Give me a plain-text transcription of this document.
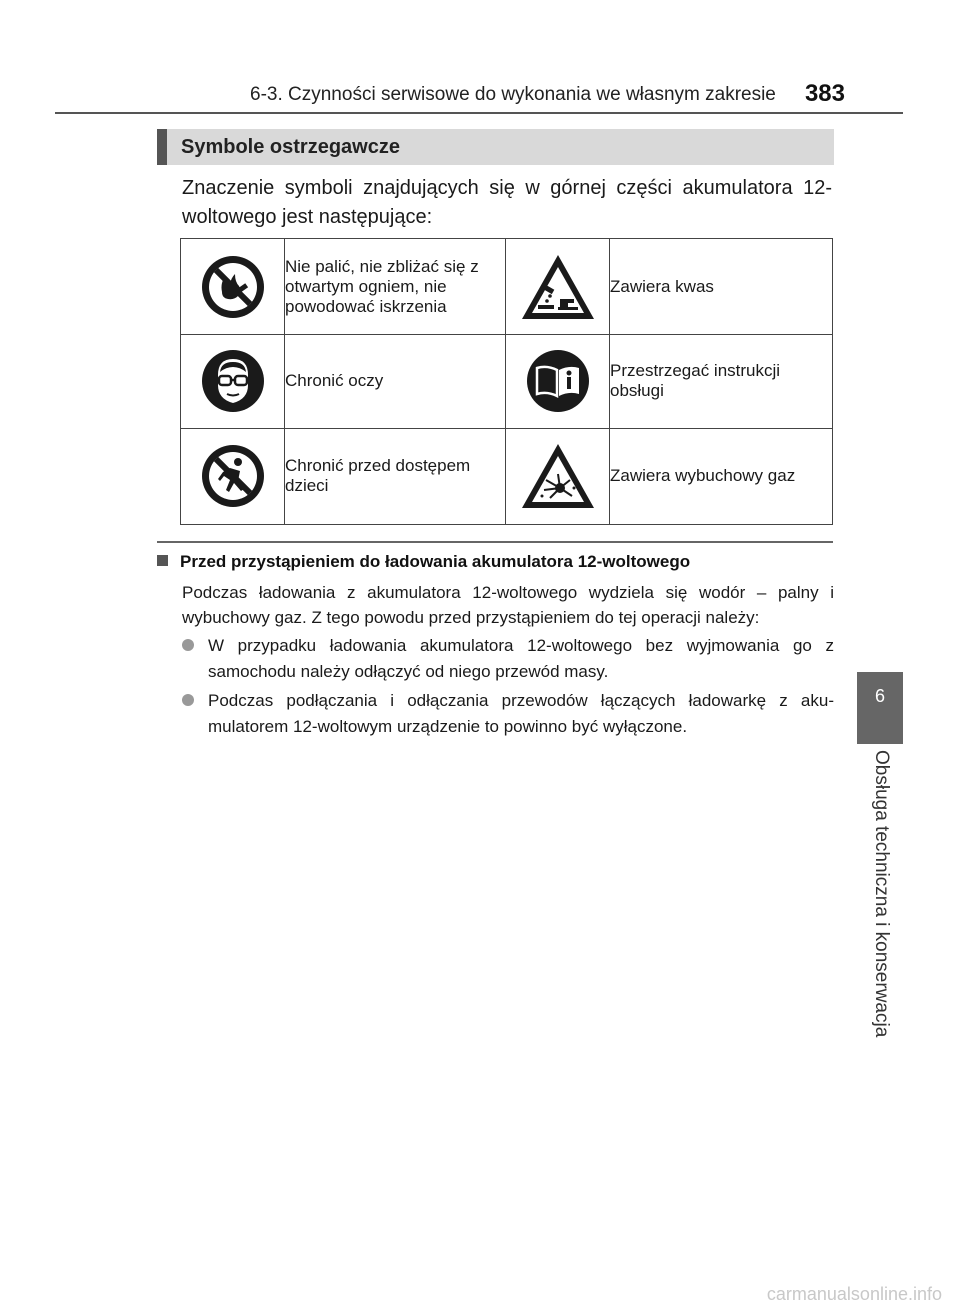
6-3. Czynności serwisowe do wykonania we własnym zakresie 383
6
Obsługa techniczna i konserwacja
Symbole ostrzegawcze
Znaczenie symboli znajdujących się w górnej części akumulatora 12-woltowego jest następujące:

Nie palić, nie zbliżać się z otwartym ogniem, nie powodować iskrzenia		Zawiera kwas

Chronić oczy		Przestrzegać instrukcji obsługi

Chronić przed dostępem dzieci		Zawiera wybuchowy gaz
Przed przystąpieniem do ładowania akumulatora 12-woltowego
Podczas ładowania z akumulatora 12-woltowego wydziela się wodór – palny i wybuchowy gaz. Z tego powodu przed przystąpieniem do tej operacji należy:
W przypadku ładowania akumulatora 12-woltowego bez wyjmowania go z samochodu należy odłączyć od niego przewód masy.
Podczas podłączania i odłączania przewodów łączących ładowarkę z aku-mulatorem 12-woltowym urządzenie to powinno być wyłączone.
carmanualsonline.info
